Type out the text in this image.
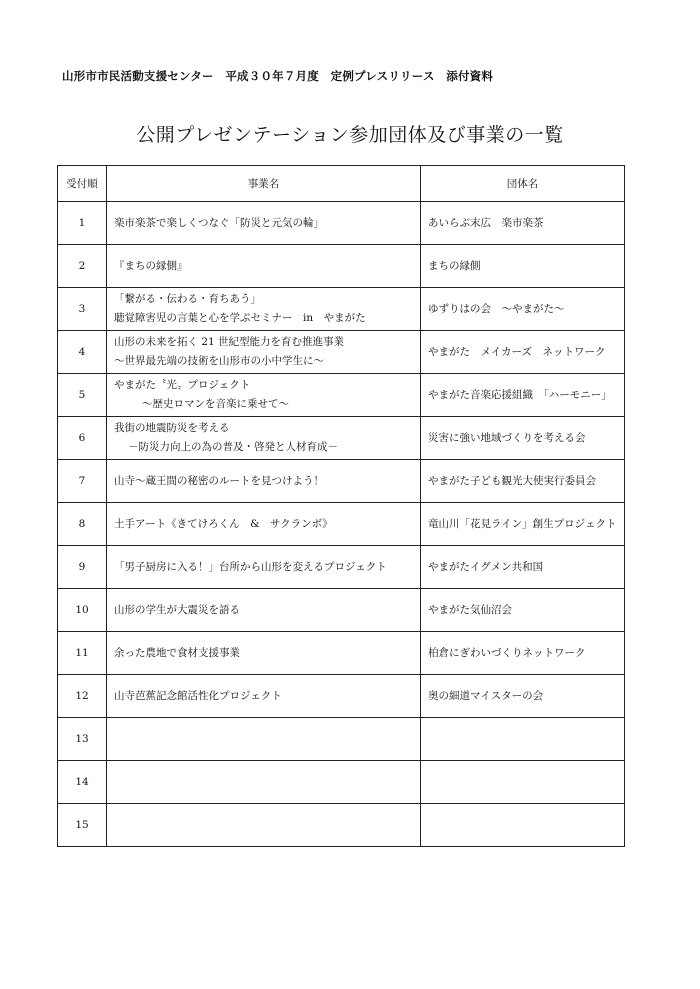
山形市市民活動支援センター　平成３０年７月度　定例プレスリリース　添付資料
公開プレゼンテーション参加団体及び事業の一覧
受付順	事業名	団体名
1	楽市楽茶で楽しくつなぐ「防災と元気の輪」	あいらぶ末広　楽市楽茶

2	『まちの縁側』	まちの縁側

3	「繋がる・伝わる・育ちあう」
聴覚障害児の言葉と心を学ぶセミナー　in　やまがた	ゆずりはの会　～やまがた～

4	山形の未来を拓く 21 世紀型能力を育む推進事業
～世界最先端の技術を山形市の小中学生に～	やまがた　メイカーズ　ネットワーク

5	やまがた〝光〟プロジェクト
～歴史ロマンを音楽に乗せて～	やまがた音楽応援組織　「ハーモニー」

6	我街の地震防災を考える
－防災力向上の為の普及・啓発と人材育成－	災害に強い地域づくりを考える会

7	山寺～蔵王間の秘密のルートを見つけよう！	やまがた子ども観光大使実行委員会

8	土手アート《きてけろくん　&　サクランボ》	竜山川「花見ライン」創生プロジェクト

9	「男子厨房に入る！」台所から山形を変えるプロジェクト	やまがたイグメン共和国

10	山形の学生が大震災を語る	やまがた気仙沼会

11	余った農地で食材支援事業	柏倉にぎわいづくりネットワーク

12	山寺芭蕉記念館活性化プロジェクト	奥の細道マイスターの会

13	

14	

15	
